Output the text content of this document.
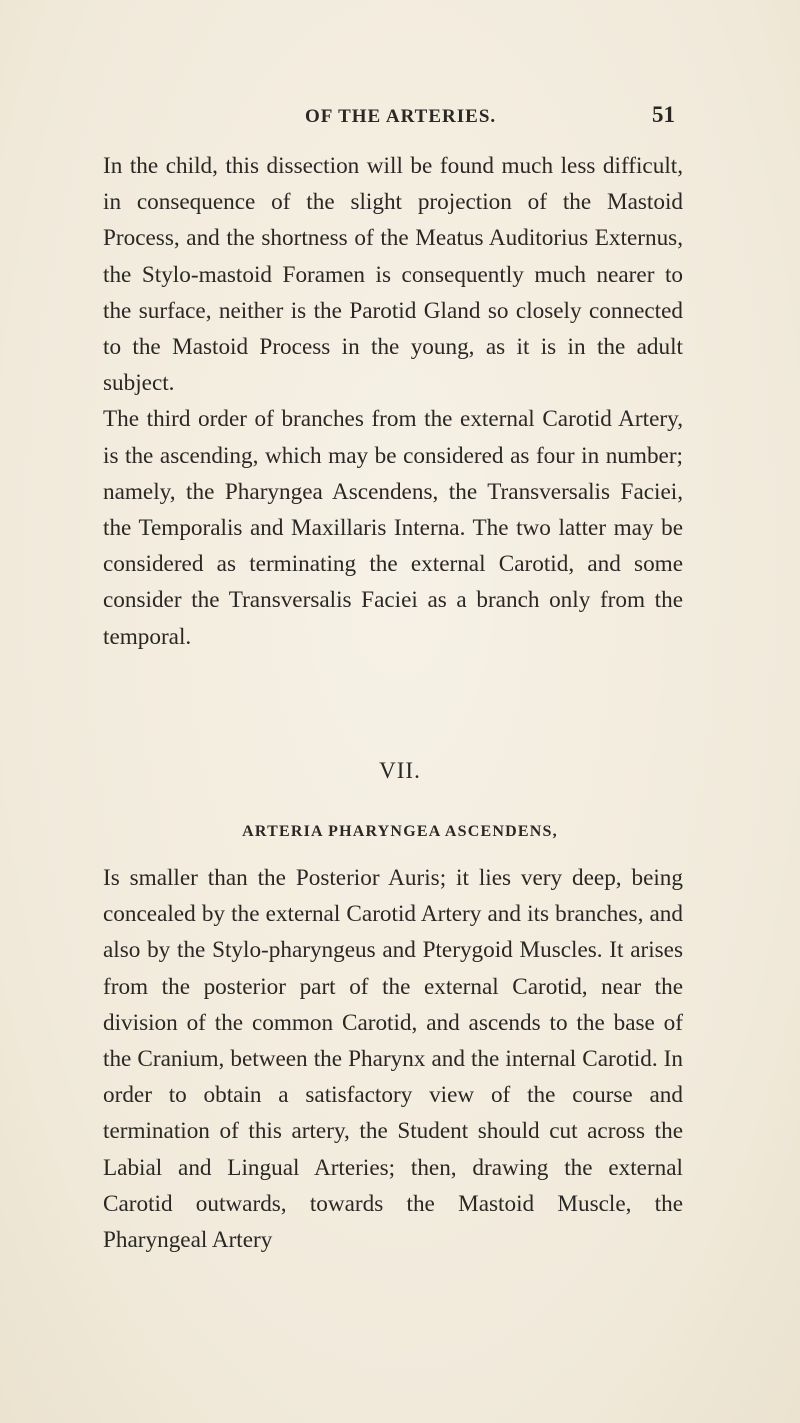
OF THE ARTERIES.	51

In the child, this dissection will be found much less difficult, in consequence of the slight projection of the Mastoid Process, and the shortness of the Meatus Auditorius Externus, the Stylo-mastoid Foramen is consequently much nearer to the surface, neither is the Parotid Gland so closely connected to the Mastoid Process in the young, as it is in the adult subject.

The third order of branches from the external Carotid Artery, is the ascending, which may be considered as four in number; namely, the Pharyngea Ascendens, the Transversalis Faciei, the Temporalis and Maxillaris Interna. The two latter may be considered as terminating the external Carotid, and some consider the Transversalis Faciei as a branch only from the temporal.

VII.
ARTERIA PHARYNGEA ASCENDENS,

Is smaller than the Posterior Auris; it lies very deep, being concealed by the external Carotid Artery and its branches, and also by the Stylo-pharyngeus and Pterygoid Muscles. It arises from the posterior part of the external Carotid, near the division of the common Carotid, and ascends to the base of the Cranium, between the Pharynx and the internal Carotid. In order to obtain a satisfactory view of the course and termination of this artery, the Student should cut across the Labial and Lingual Arteries; then, drawing the external Carotid outwards, towards the Mastoid Muscle, the Pharyngeal Artery
